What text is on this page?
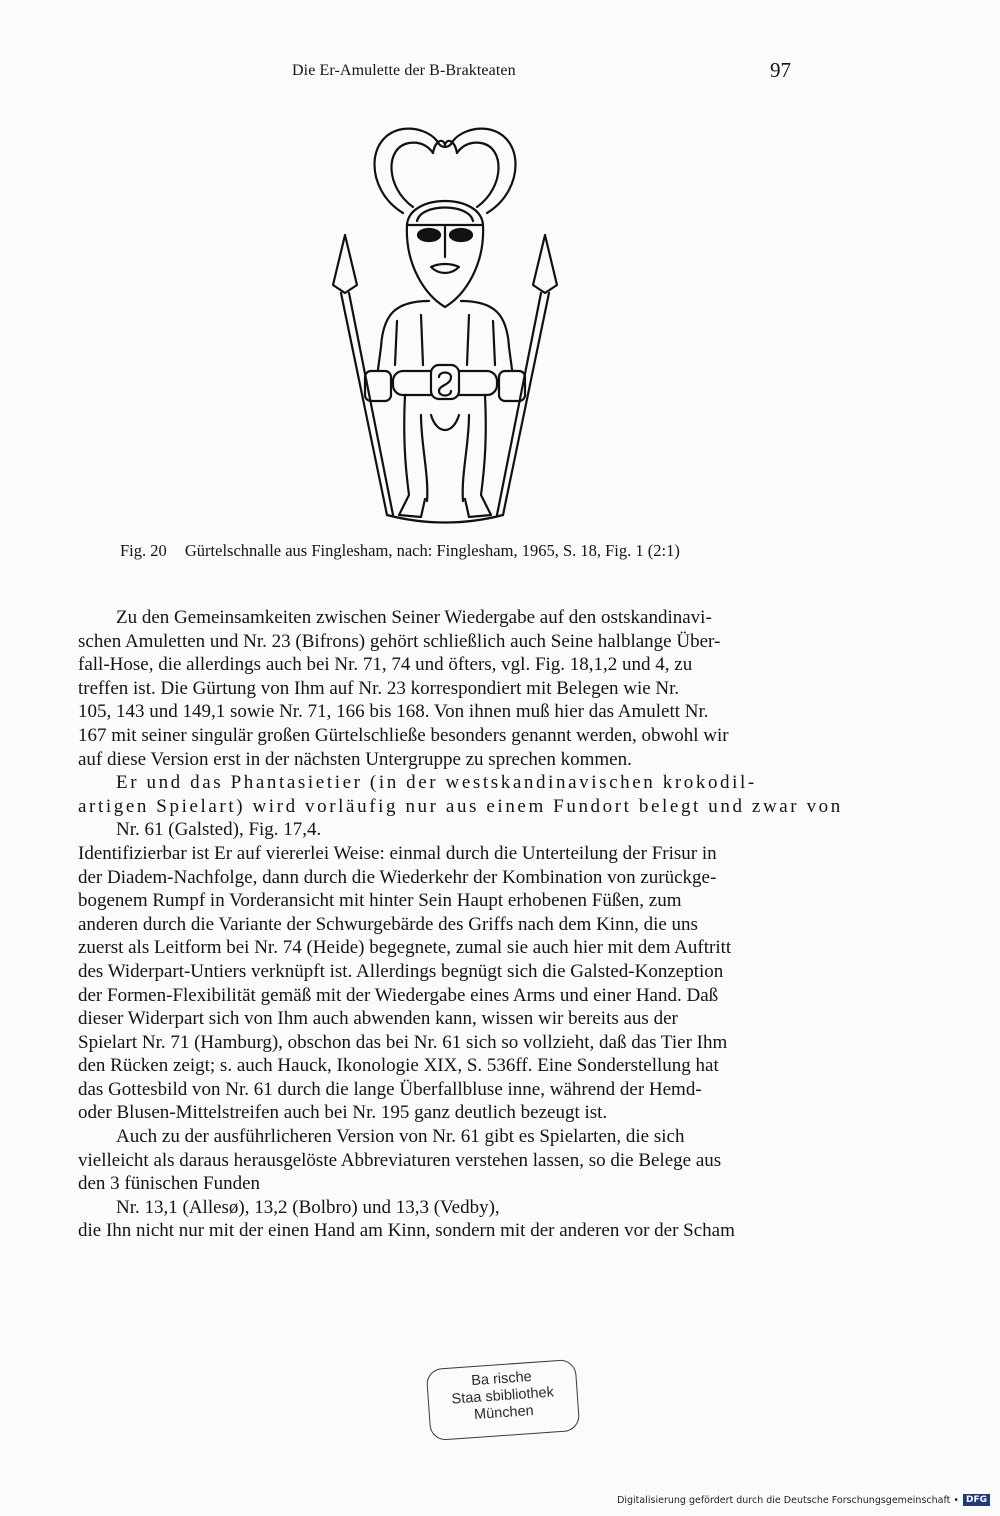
Die Er-Amulette der B-Brakteaten	97
Fig. 20 Gürtelschnalle aus Finglesham, nach: Finglesham, 1965, S. 18, Fig. 1 (2:1)
Zu den Gemeinsamkeiten zwischen Seiner Wiedergabe auf den ostskandinavi-
schen Amuletten und Nr. 23 (Bifrons) gehört schließlich auch Seine halblange Über-
fall-Hose, die allerdings auch bei Nr. 71, 74 und öfters, vgl. Fig. 18,1,2 und 4, zu
treffen ist. Die Gürtung von Ihm auf Nr. 23 korrespondiert mit Belegen wie Nr.
105, 143 und 149,1 sowie Nr. 71, 166 bis 168. Von ihnen muß hier das Amulett Nr.
167 mit seiner singulär großen Gürtelschließe besonders genannt werden, obwohl wir
auf diese Version erst in der nächsten Untergruppe zu sprechen kommen.
Er und das Phantasietier (in der westskandinavischen krokodil-
artigen Spielart) wird vorläufig nur aus einem Fundort belegt und zwar von
Nr. 61 (Galsted), Fig. 17,4.
Identifizierbar ist Er auf viererlei Weise: einmal durch die Unterteilung der Frisur in
der Diadem-Nachfolge, dann durch die Wiederkehr der Kombination von zurückge-
bogenem Rumpf in Vorderansicht mit hinter Sein Haupt erhobenen Füßen, zum
anderen durch die Variante der Schwurgebärde des Griffs nach dem Kinn, die uns
zuerst als Leitform bei Nr. 74 (Heide) begegnete, zumal sie auch hier mit dem Auftritt
des Widerpart-Untiers verknüpft ist. Allerdings begnügt sich die Galsted-Konzeption
der Formen-Flexibilität gemäß mit der Wiedergabe eines Arms und einer Hand. Daß
dieser Widerpart sich von Ihm auch abwenden kann, wissen wir bereits aus der
Spielart Nr. 71 (Hamburg), obschon das bei Nr. 61 sich so vollzieht, daß das Tier Ihm
den Rücken zeigt; s. auch Hauck, Ikonologie XIX, S. 536ff. Eine Sonderstellung hat
das Gottesbild von Nr. 61 durch die lange Überfallbluse inne, während der Hemd-
oder Blusen-Mittelstreifen auch bei Nr. 195 ganz deutlich bezeugt ist.
Auch zu der ausführlicheren Version von Nr. 61 gibt es Spielarten, die sich
vielleicht als daraus herausgelöste Abbreviaturen verstehen lassen, so die Belege aus
den 3 fünischen Funden
Nr. 13,1 (Allesø), 13,2 (Bolbro) und 13,3 (Vedby),
die Ihn nicht nur mit der einen Hand am Kinn, sondern mit der anderen vor der Scham
Ba rische
Staa sbibliothek
München
Digitalisierung gefördert durch die Deutsche Forschungsgemeinschaft • DFG
